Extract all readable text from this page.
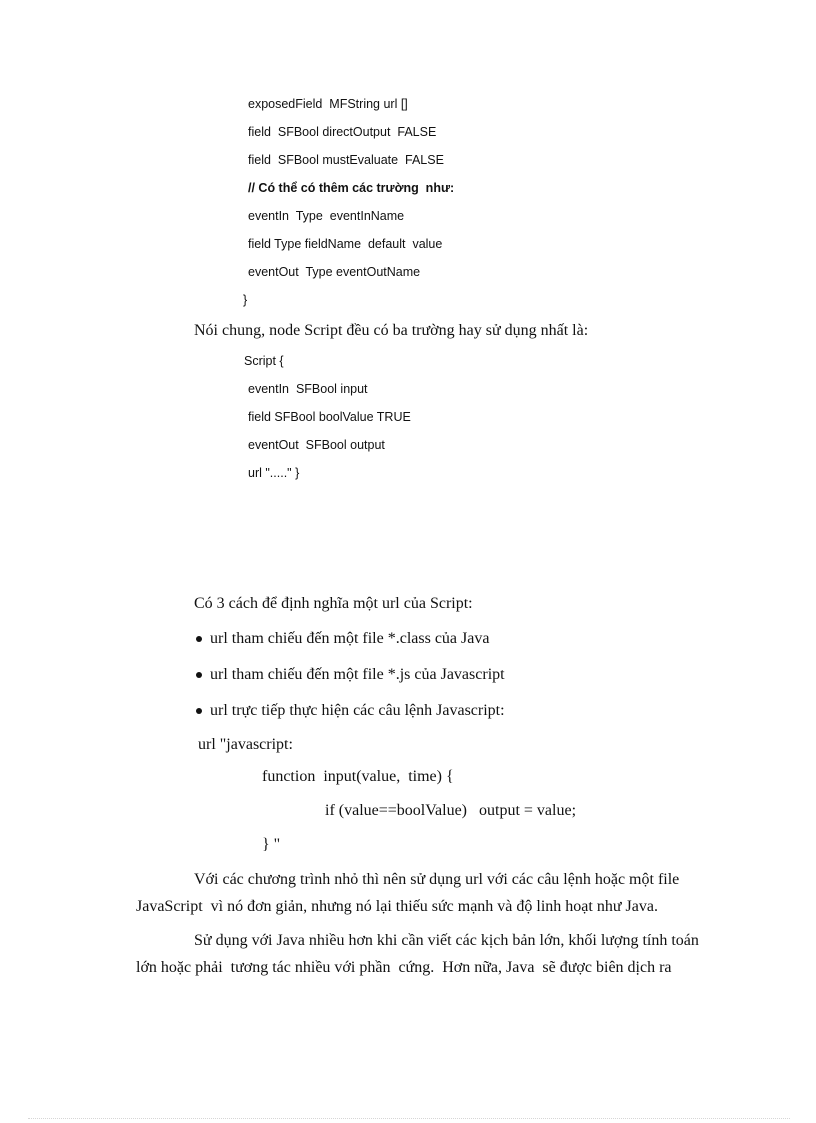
exposedField  MFString url []
field  SFBool directOutput  FALSE
field  SFBool mustEvaluate  FALSE
// Có thể có thêm các trường  như:
eventIn  Type  eventInName
field Type fieldName  default  value
eventOut  Type eventOutName
}
Nói chung, node Script đều có ba trường hay sử dụng nhất là:
Script {
eventIn  SFBool input
field SFBool boolValue TRUE
eventOut  SFBool output
url "....." }
Có 3 cách để định nghĩa một url của Script:
url tham chiếu đến một file *.class của Java
url tham chiếu đến một file *.js của Javascript
url trực tiếp thực hiện các câu lệnh Javascript:
url "javascript:
function  input(value,  time) {
if (value==boolValue)   output = value;
} "
Với các chương trình nhỏ thì nên sử dụng url với các câu lệnh hoặc một file
JavaScript  vì nó đơn giản, nhưng nó lại thiếu sức mạnh và độ linh hoạt như Java.
Sử dụng với Java nhiều hơn khi cần viết các kịch bản lớn, khối lượng tính toán
lớn hoặc phải  tương tác nhiều với phần  cứng.  Hơn nữa, Java  sẽ được biên dịch ra
